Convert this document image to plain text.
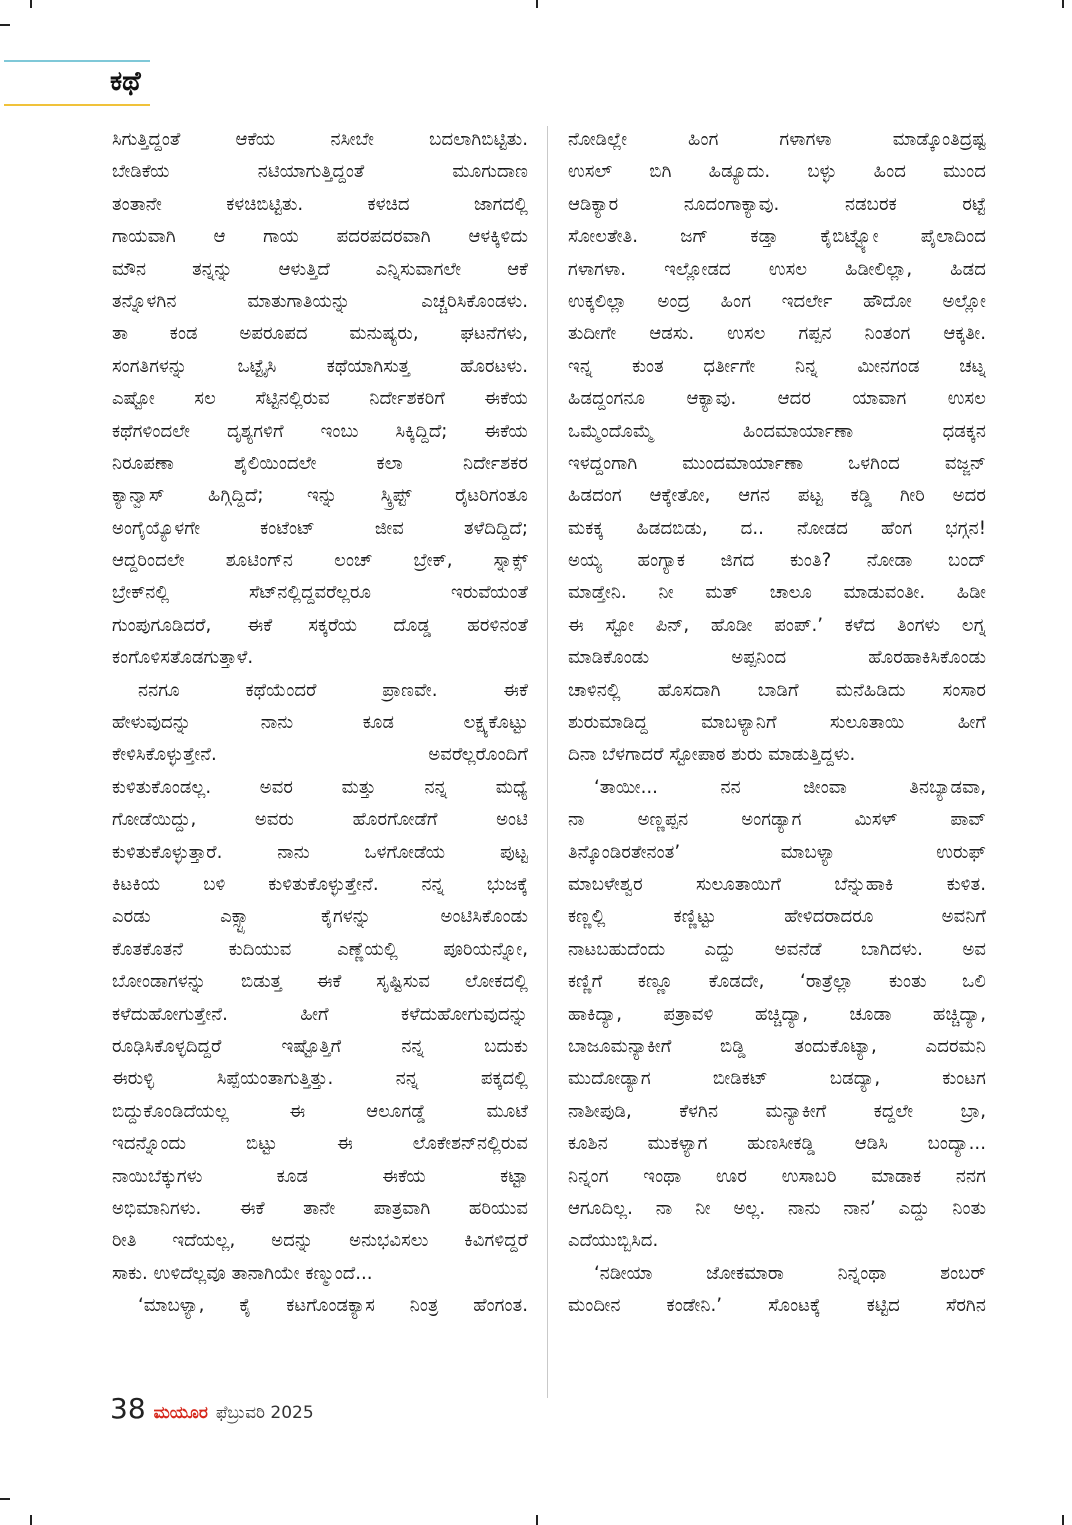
ಕಥೆ
ಸಿಗುತ್ತಿದ್ದಂತೆ ಆಕೆಯ ನಸೀಬೇ ಬದಲಾಗಿಬಿಟ್ಟಿತು.
ಬೇಡಿಕೆಯ ನಟಿಯಾಗುತ್ತಿದ್ದಂತೆ ಮೂಗುದಾಣ
ತಂತಾನೇ ಕಳಚಿಬಿಟ್ಟಿತು. ಕಳಚಿದ ಜಾಗದಲ್ಲಿ
ಗಾಯವಾಗಿ ಆ ಗಾಯ ಪದರಪದರವಾಗಿ ಆಳಕ್ಕಿಳಿದು
ಮೌನ ತನ್ನನ್ನು ಆಳುತ್ತಿದೆ ಎನ್ನಿಸುವಾಗಲೇ ಆಕೆ
ತನ್ನೊಳಗಿನ ಮಾತುಗಾತಿಯನ್ನು ಎಚ್ಚರಿಸಿಕೊಂಡಳು.
ತಾ ಕಂಡ ಅಪರೂಪದ ಮನುಷ್ಯರು, ಘಟನೆಗಳು,
ಸಂಗತಿಗಳನ್ನು ಒಟ್ಟೈಸಿ ಕಥೆಯಾಗಿಸುತ್ತ ಹೊರಟಳು.
ಎಷ್ಟೋ ಸಲ ಸೆಟ್ಟಿನಲ್ಲಿರುವ ನಿರ್ದೇಶಕರಿಗೆ ಈಕೆಯ
ಕಥೆಗಳಿಂದಲೇ ದೃಶ್ಯಗಳಿಗೆ ಇಂಬು ಸಿಕ್ಕಿದ್ದಿದೆ; ಈಕೆಯ
ನಿರೂಪಣಾ ಶೈಲಿಯಿಂದಲೇ ಕಲಾ ನಿರ್ದೇಶಕರ
ಕ್ಯಾನ್ವಾಸ್ ಹಿಗ್ಗಿದ್ದಿದೆ; ಇನ್ನು ಸ್ಕ್ರಿಪ್ಟ್ ರೈಟರಿಗಂತೂ
ಅಂಗೈಯ್ಯೊಳಗೇ ಕಂಟೆಂಟ್ ಜೀವ ತಳೆದಿದ್ದಿದೆ;
ಆದ್ದರಿಂದಲೇ ಶೂಟಿಂಗ್‌ನ ಲಂಚ್ ಬ್ರೇಕ್, ಸ್ನಾಕ್ಸ್
ಬ್ರೇಕ್‌ನಲ್ಲಿ ಸೆಟ್‌ನಲ್ಲಿದ್ದವರೆಲ್ಲರೂ ಇರುವೆಯಂತೆ
ಗುಂಪುಗೂಡಿದರೆ, ಈಕೆ ಸಕ್ಕರೆಯ ದೊಡ್ಡ ಹರಳಿನಂತೆ
ಕಂಗೊಳಿಸತೊಡಗುತ್ತಾಳೆ.
ನನಗೂ ಕಥೆಯೆಂದರೆ ಪ್ರಾಣವೇ. ಈಕೆ
ಹೇಳುವುದನ್ನು ನಾನು ಕೂಡ ಲಕ್ಷ್ಯಕೊಟ್ಟು
ಕೇಳಿಸಿಕೊಳ್ಳುತ್ತೇನೆ. ಅವರೆಲ್ಲರೊಂದಿಗೆ
ಕುಳಿತುಕೊಂಡಲ್ಲ. ಅವರ ಮತ್ತು ನನ್ನ ಮಧ್ಯೆ
ಗೋಡೆಯಿದ್ದು, ಅವರು ಹೊರಗೋಡೆಗೆ ಅಂಟಿ
ಕುಳಿತುಕೊಳ್ಳುತ್ತಾರೆ. ನಾನು ಒಳಗೋಡೆಯ ಪುಟ್ಟ
ಕಿಟಕಿಯ ಬಳಿ ಕುಳಿತುಕೊಳ್ಳುತ್ತೇನೆ. ನನ್ನ ಭುಜಕ್ಕೆ
ಎರಡು ಎಕ್ಸ್ಟ್ರಾ ಕೈಗಳನ್ನು ಅಂಟಿಸಿಕೊಂಡು
ಕೊತಕೊತನೆ ಕುದಿಯುವ ಎಣ್ಣೆಯಲ್ಲಿ ಪೂರಿಯನ್ನೋ,
ಬೋಂಡಾಗಳನ್ನು ಬಿಡುತ್ತ ಈಕೆ ಸೃಷ್ಟಿಸುವ ಲೋಕದಲ್ಲಿ
ಕಳೆದುಹೋಗುತ್ತೇನೆ. ಹೀಗೆ ಕಳೆದುಹೋಗುವುದನ್ನು
ರೂಢಿಸಿಕೊಳ್ಳದಿದ್ದರೆ ಇಷ್ಟೊತ್ತಿಗೆ ನನ್ನ ಬದುಕು
ಈರುಳ್ಳಿ ಸಿಪ್ಪೆಯಂತಾಗುತ್ತಿತ್ತು. ನನ್ನ ಪಕ್ಕದಲ್ಲಿ
ಬಿದ್ದುಕೊಂಡಿದೆಯಲ್ಲ ಈ ಆಲೂಗಡ್ಡೆ ಮೂಟೆ
ಇದನ್ನೊಂದು ಬಿಟ್ಟು ಈ ಲೊಕೇಶನ್‌ನಲ್ಲಿರುವ
ನಾಯಿಬೆಕ್ಕುಗಳು ಕೂಡ ಈಕೆಯ ಕಟ್ಟಾ
ಅಭಿಮಾನಿಗಳು. ಈಕೆ ತಾನೇ ಪಾತ್ರವಾಗಿ ಹರಿಯುವ
ರೀತಿ ಇದೆಯಲ್ಲ, ಅದನ್ನು ಅನುಭವಿಸಲು ಕಿವಿಗಳಿದ್ದರೆ
ಸಾಕು. ಉಳಿದೆಲ್ಲವೂ ತಾನಾಗಿಯೇ ಕಣ್ಮುಂದೆ...
‘ಮಾಬಳ್ಯಾ, ಕೈ ಕಟಗೊಂಡಕ್ಯಾಸ ನಿಂತ್ರ ಹೆಂಗಂತ.
ನೋಡಿಲ್ಲೇ ಹಿಂಗ ಗಳಾಗಳಾ ಮಾಡ್ಕೊಂತಿದ್ರಷ್ಟ
ಉಸಲ್ ಬಿಗಿ ಹಿಡ್ಯೂದು. ಬಳ್ಳು ಹಿಂದ ಮುಂದ
ಆಡಿಕ್ಯಾರ ನೂದಂಗಾಕ್ಯಾವು. ನಡಬರಕ ರಟ್ಟೆ
ಸೋಲತೇತಿ. ಜಗ್ ಕಡ್ತಾ ಕೈಬಿಟ್ಟ್ಯೋ ಪೈಲಾದಿಂದ
ಗಳಾಗಳಾ. ಇಲ್ಲೋಡದ ಉಸಲ ಹಿಡೀಲಿಲ್ಲಾ, ಹಿಡದ
ಉಕ್ಕಲಿಲ್ಲಾ ಅಂದ್ರ ಹಿಂಗ ಇದರ್ಲೇ ಹೌದೋ ಅಲ್ಲೋ
ತುದೀಗೇ ಆಡಸು. ಉಸಲ ಗಪ್ಪನ ನಿಂತಂಗ ಆಕ್ಕತೀ.
ಇನ್ನ ಕುಂತ ಧರ್ತೀಗೇ ನಿನ್ನ ಮೀನಗಂಡ ಚಟ್ನ
ಹಿಡದ್ದಂಗನೂ ಆಕ್ಯಾವು. ಆದರ ಯಾವಾಗ ಉಸಲ
ಒಮ್ಮೆಂದೊಮ್ಮೆ ಹಿಂದಮಾರ್ಯಾಣಾ ಧಡಕ್ಕನ
ಇಳದ್ದಂಗಾಗಿ ಮುಂದಮಾರ್ಯಾಣಾ ಒಳಗಿಂದ ವಜ್ಜನ್
ಹಿಡದಂಗ ಆಕ್ಕೇತೋ, ಆಗನ ಪಟ್ಟ ಕಡ್ಡಿ ಗೀರಿ ಅದರ
ಮಕಕ್ಕ ಹಿಡದಬಿಡು, ದ.. ನೋಡದ ಹೆಂಗ ಭಗ್ಗನ!
ಅಯ್ಯ ಹಂಗ್ಯಾಕ ಜಿಗದ ಕುಂತಿ? ನೋಡಾ ಬಂದ್
ಮಾಡ್ತೇನಿ. ನೀ ಮತ್ ಚಾಲೂ ಮಾಡುವಂತೀ. ಹಿಡೀ
ಈ ಸ್ಟೋ ಪಿನ್, ಹೊಡೀ ಪಂಪ್.’ ಕಳೆದ ತಿಂಗಳು ಲಗ್ನ
ಮಾಡಿಕೊಂಡು ಅಪ್ಪನಿಂದ ಹೊರಹಾಕಿಸಿಕೊಂಡು
ಚಾಳಿನಲ್ಲಿ ಹೊಸದಾಗಿ ಬಾಡಿಗೆ ಮನೆಹಿಡಿದು ಸಂಸಾರ
ಶುರುಮಾಡಿದ್ದ ಮಾಬಳ್ಯಾನಿಗೆ ಸುಲೂತಾಯಿ ಹೀಗೆ
ದಿನಾ ಬೆಳಗಾದರೆ ಸ್ಟೋಪಾಠ ಶುರು ಮಾಡುತ್ತಿದ್ದಳು.
‘ತಾಯೀ... ನನ ಜೀಂವಾ ತಿನಬ್ಯಾಡವಾ,
ನಾ ಅಣ್ಣಪ್ಪನ ಅಂಗಡ್ಯಾಗ ಮಿಸಳ್ ಪಾವ್
ತಿನ್ಕೊಂಡಿರತೇನಂತ’ ಮಾಬಳ್ಯಾ ಉರುಫ್
ಮಾಬಳೇಶ್ವರ ಸುಲೂತಾಯಿಗೆ ಬೆನ್ನುಹಾಕಿ ಕುಳಿತ.
ಕಣ್ಣಲ್ಲಿ ಕಣ್ಣಿಟ್ಟು ಹೇಳಿದರಾದರೂ ಅವನಿಗೆ
ನಾಟಬಹುದೆಂದು ಎದ್ದು ಅವನೆಡೆ ಬಾಗಿದಳು. ಅವ
ಕಣ್ಣಿಗೆ ಕಣ್ಣೂ ಕೊಡದೇ, ‘ರಾತ್ರೆಲ್ಲಾ ಕುಂತು ಒಲಿ
ಹಾಕಿದ್ಯಾ, ಪತ್ರಾವಳಿ ಹಚ್ಚಿದ್ಯಾ, ಚೂಡಾ ಹಚ್ಚಿದ್ಯಾ,
ಬಾಜೂಮನ್ಯಾಕೀಗೆ ಬಿಡ್ಡಿ ತಂದುಕೊಟ್ಯಾ, ಎದರಮನಿ
ಮುದೋಡ್ಯಾಗ ಬೀಡಿಕಟ್ ಬಡದ್ಯಾ, ಕುಂಟಗ
ನಾಶೀಪುಡಿ, ಕೆಳಗಿನ ಮನ್ಯಾಕೀಗೆ ಕದ್ದಲೇ ಬ್ರಾ,
ಕೂಶಿನ ಮುಕಳ್ಯಾಗ ಹುಣಸೀಕಡ್ಡಿ ಆಡಿಸಿ ಬಂದ್ಯಾ...
ನಿನ್ನಂಗ ಇಂಥಾ ಊರ ಉಸಾಬರಿ ಮಾಡಾಕ ನನಗ
ಆಗೂದಿಲ್ಲ. ನಾ ನೀ ಅಲ್ಲ. ನಾನು ನಾನ’ ಎದ್ದು ನಿಂತು
ಎದೆಯುಬ್ಬಿಸಿದ.
‘ನಡೀಯಾ ಜೋಕಮಾರಾ ನಿನ್ನಂಥಾ ಶಂಬರ್
ಮಂದೀನ ಕಂಡೇನಿ.’ ಸೊಂಟಕ್ಕೆ ಕಟ್ಟಿದ ಸೆರಗಿನ
38 ಮಯೂರ ಫೆಬ್ರುವರಿ 2025
